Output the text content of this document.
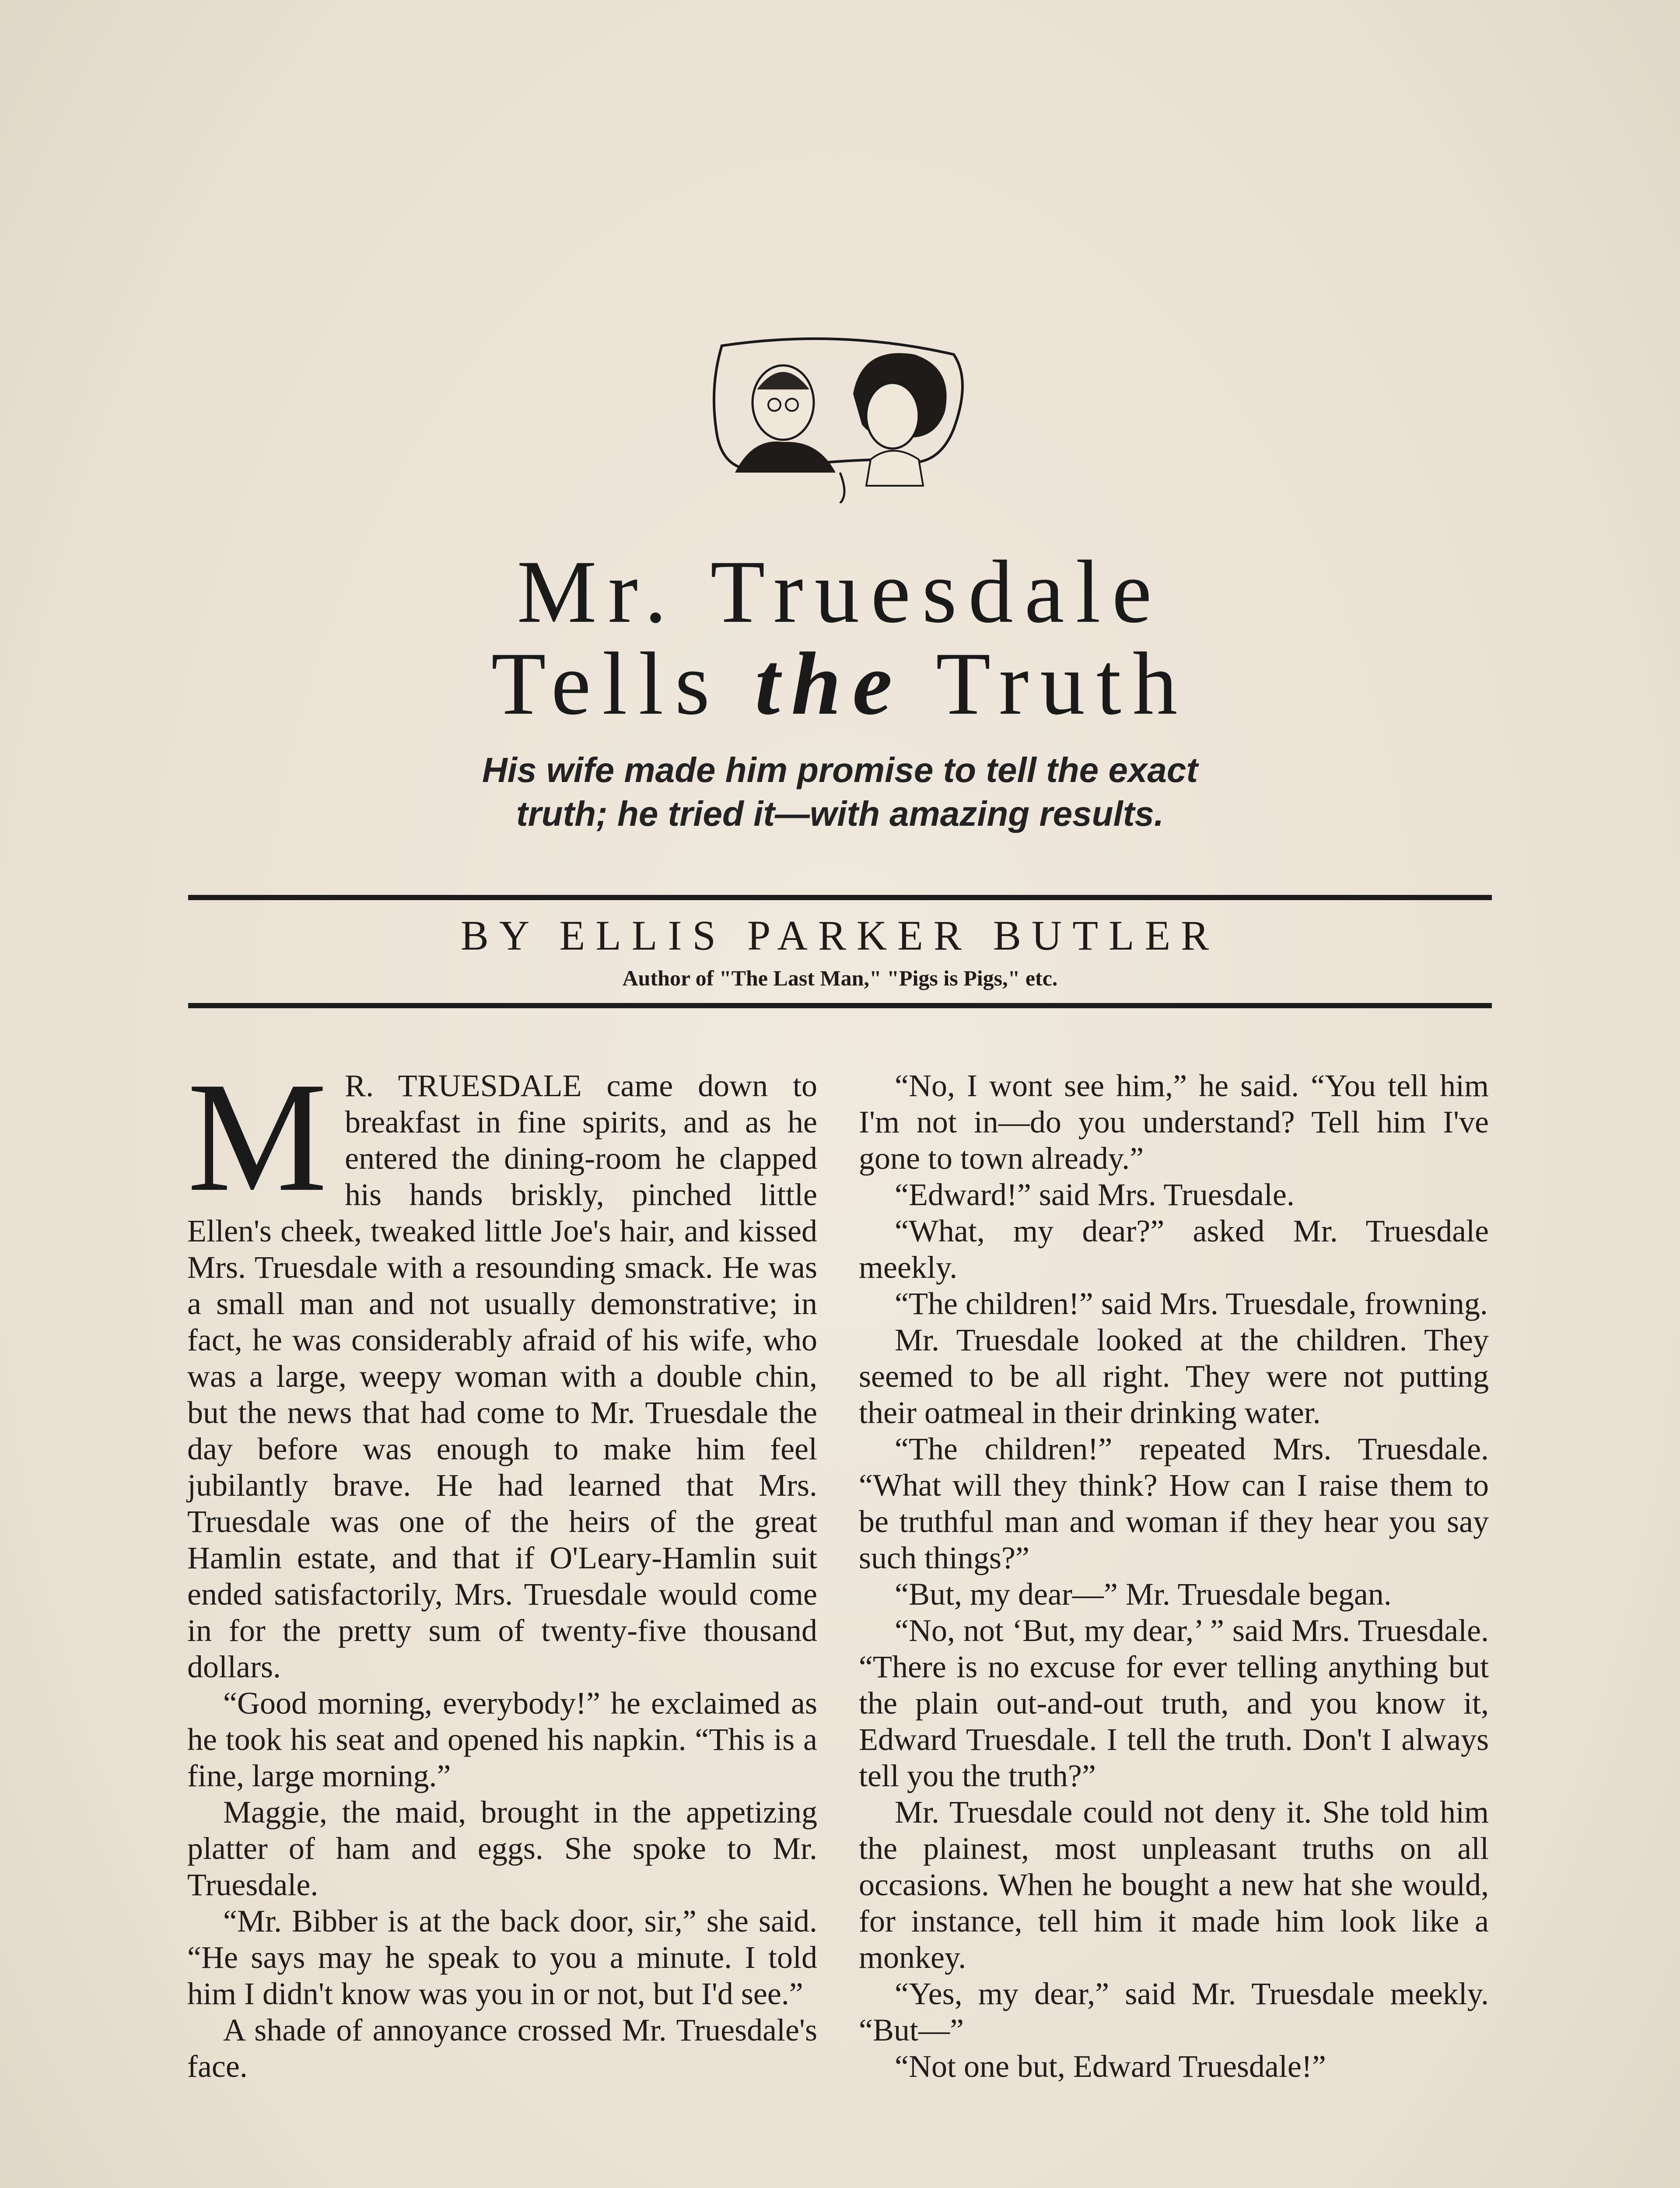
Mr. Truesdale
Tells the Truth
His wife made him promise to tell the exact
truth; he tried it—with amazing results.
BY ELLIS PARKER BUTLER
Author of "The Last Man," "Pigs is Pigs," etc.

M R. TRUESDALE came down to breakfast in fine spirits, and as he entered the dining-room he clapped his hands briskly, pinched little Ellen's cheek, tweaked little Joe's hair, and kissed Mrs. Truesdale with a resounding smack. He was a small man and not usually demonstrative; in fact, he was considerably afraid of his wife, who was a large, weepy woman with a double chin, but the news that had come to Mr. Truesdale the day before was enough to make him feel jubilantly brave. He had learned that Mrs. Truesdale was one of the heirs of the great Hamlin estate, and that if O'Leary-Hamlin suit ended satisfactorily, Mrs. Truesdale would come in for the pretty sum of twenty-five thousand dollars.

“Good morning, everybody!” he exclaimed as he took his seat and opened his napkin. “This is a fine, large morning.”

Maggie, the maid, brought in the appetizing platter of ham and eggs. She spoke to Mr. Truesdale.

“Mr. Bibber is at the back door, sir,” she said. “He says may he speak to you a minute. I told him I didn't know was you in or not, but I'd see.”

A shade of annoyance crossed Mr. Truesdale's face.

“No, I wont see him,” he said. “You tell him I'm not in—do you understand? Tell him I've gone to town already.”

“Edward!” said Mrs. Truesdale.

“What, my dear?” asked Mr. Truesdale meekly.

“The children!” said Mrs. Truesdale, frowning.

Mr. Truesdale looked at the children. They seemed to be all right. They were not putting their oatmeal in their drinking water.

“The children!” repeated Mrs. Truesdale. “What will they think? How can I raise them to be truthful man and woman if they hear you say such things?”

“But, my dear—” Mr. Truesdale began.

“No, not ‘But, my dear,’ ” said Mrs. Truesdale. “There is no excuse for ever telling anything but the plain out-and-out truth, and you know it, Edward Truesdale. I tell the truth. Don't I always tell you the truth?”

Mr. Truesdale could not deny it. She told him the plainest, most unpleasant truths on all occasions. When he bought a new hat she would, for instance, tell him it made him look like a monkey.

“Yes, my dear,” said Mr. Truesdale meekly. “But—”

“Not one but, Edward Truesdale!”
